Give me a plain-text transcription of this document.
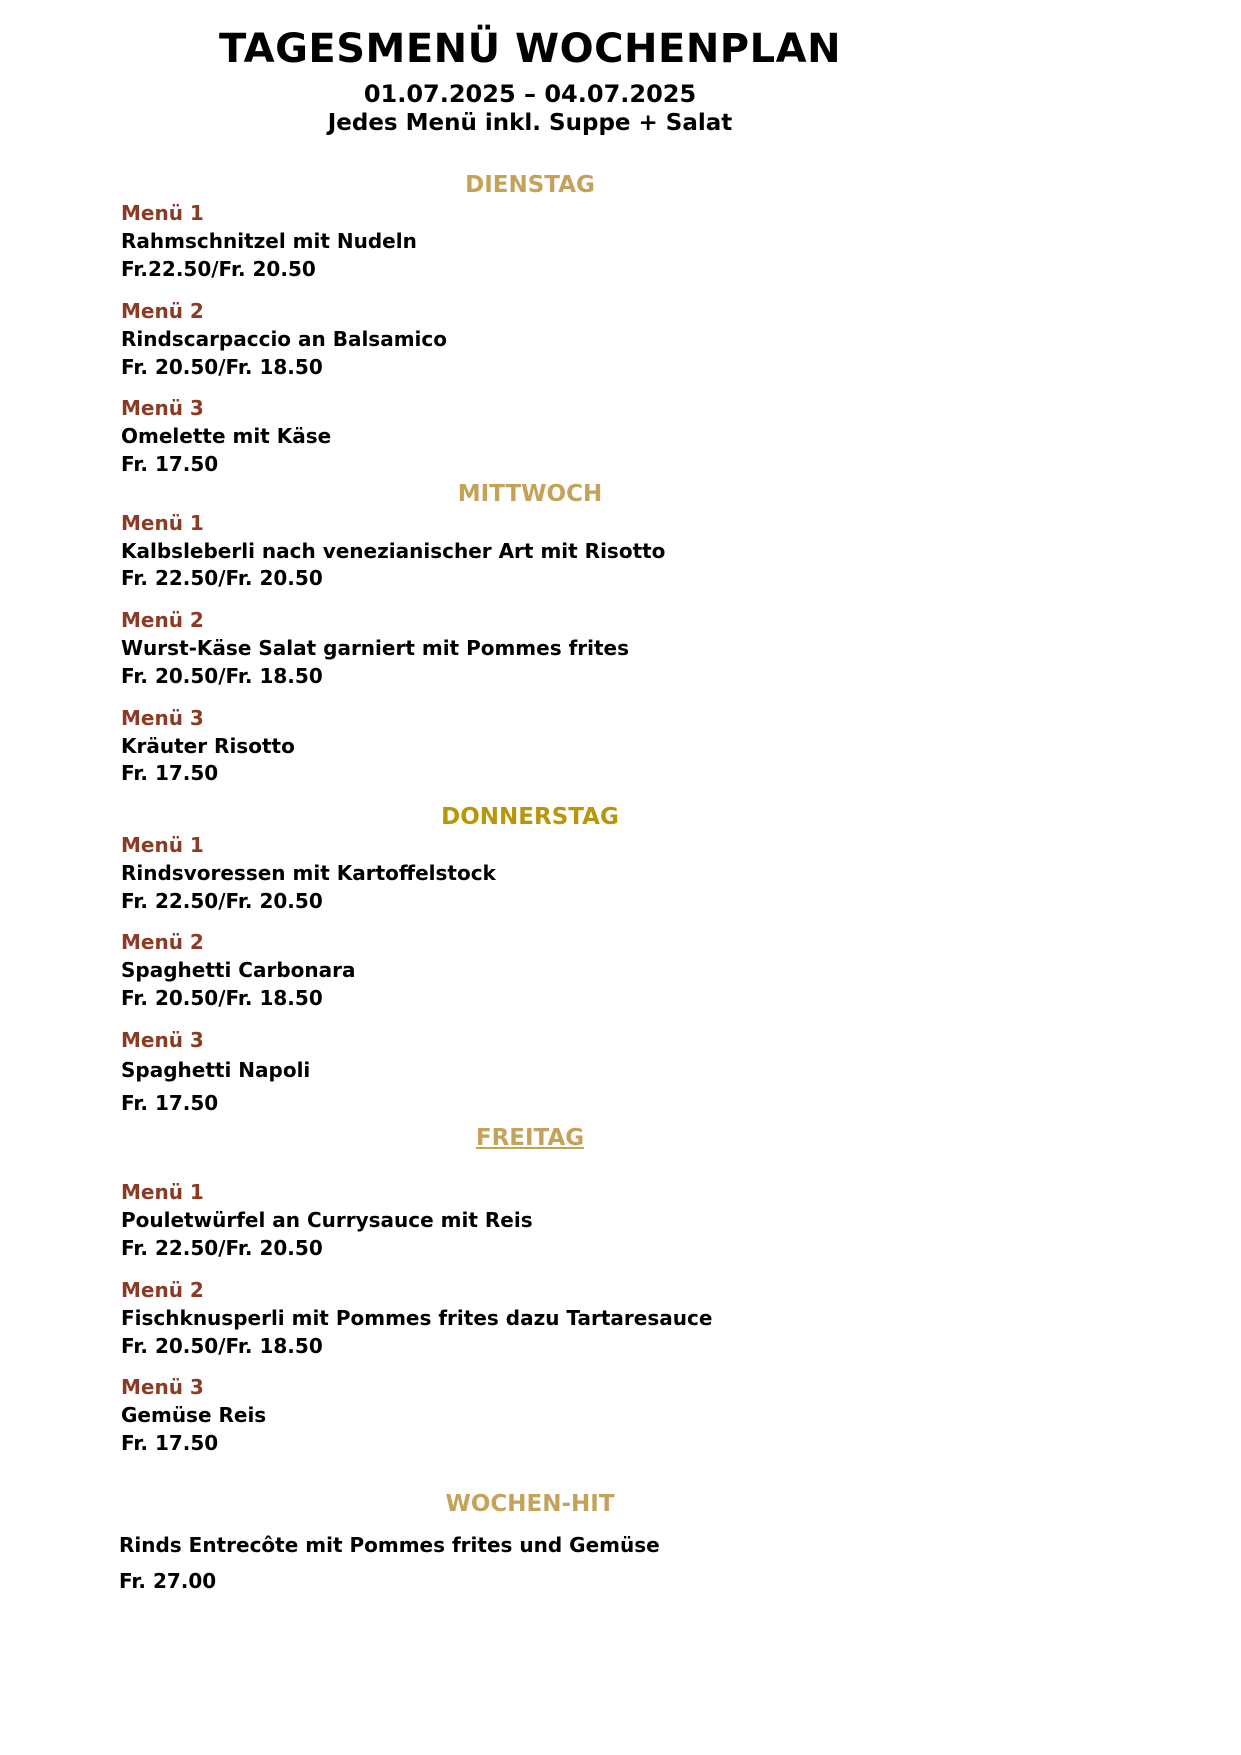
TAGESMENÜ WOCHENPLAN
01.07.2025 – 04.07.2025
Jedes Menü inkl. Suppe + Salat
DIENSTAG
Menü 1
Rahmschnitzel mit Nudeln
Fr.22.50/Fr. 20.50
Menü 2
Rindscarpaccio an Balsamico
Fr. 20.50/Fr. 18.50
Menü 3
Omelette mit Käse
Fr. 17.50
MITTWOCH
Menü 1
Kalbsleberli nach venezianischer Art mit Risotto
Fr. 22.50/Fr. 20.50
Menü 2
Wurst-Käse Salat garniert mit Pommes frites
Fr. 20.50/Fr. 18.50
Menü 3
Kräuter Risotto
Fr. 17.50
DONNERSTAG
Menü 1
Rindsvoressen mit Kartoffelstock
Fr. 22.50/Fr. 20.50
Menü 2
Spaghetti Carbonara
Fr. 20.50/Fr. 18.50
Menü 3
Spaghetti Napoli
Fr. 17.50
FREITAG
Menü 1
Pouletwürfel an Currysauce mit Reis
Fr. 22.50/Fr. 20.50
Menü 2
Fischknusperli mit Pommes frites dazu Tartaresauce
Fr. 20.50/Fr. 18.50
Menü 3
Gemüse Reis
Fr. 17.50
WOCHEN-HIT
Rinds Entrecôte mit Pommes frites und Gemüse
Fr. 27.00
